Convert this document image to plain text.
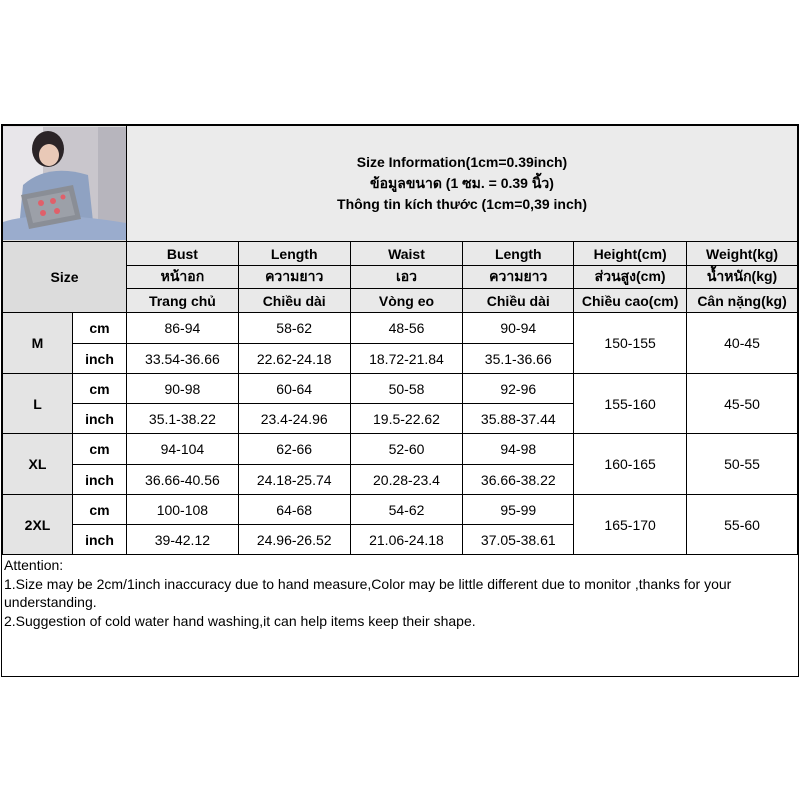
Size Information(1cm=0.39inch)
ข้อมูลขนาด (1 ซม. = 0.39 นิ้ว)
Thông tin kích thước (1cm=0,39 inch)					

Size		Bust	Length	Waist	Length	Height(cm)	Weight(kg)
		หน้าอก	ความยาว	เอว	ความยาว	ส่วนสูง(cm)	น้ำหนัก(kg)
		Trang chủ	Chiều dài	Vòng eo	Chiều dài	Chiều cao(cm)	Cân nặng(kg)
M	cm	86-94	58-62	48-56	90-94	150-155	40-45
	inch	33.54-36.66	22.62-24.18	18.72-21.84	35.1-36.66		
L	cm	90-98	60-64	50-58	92-96	155-160	45-50
	inch	35.1-38.22	23.4-24.96	19.5-22.62	35.88-37.44		
XL	cm	94-104	62-66	52-60	94-98	160-165	50-55
	inch	36.66-40.56	24.18-25.74	20.28-23.4	36.66-38.22		
2XL	cm	100-108	64-68	54-62	95-99	165-170	55-60
	inch	39-42.12	24.96-26.52	21.06-24.18	37.05-38.61		

Attention:

1.Size may be 2cm/1inch inaccuracy due to hand measure,Color may be little different due to monitor ,thanks for your understanding.

2.Suggestion of cold water hand washing,it can help items keep their shape.
